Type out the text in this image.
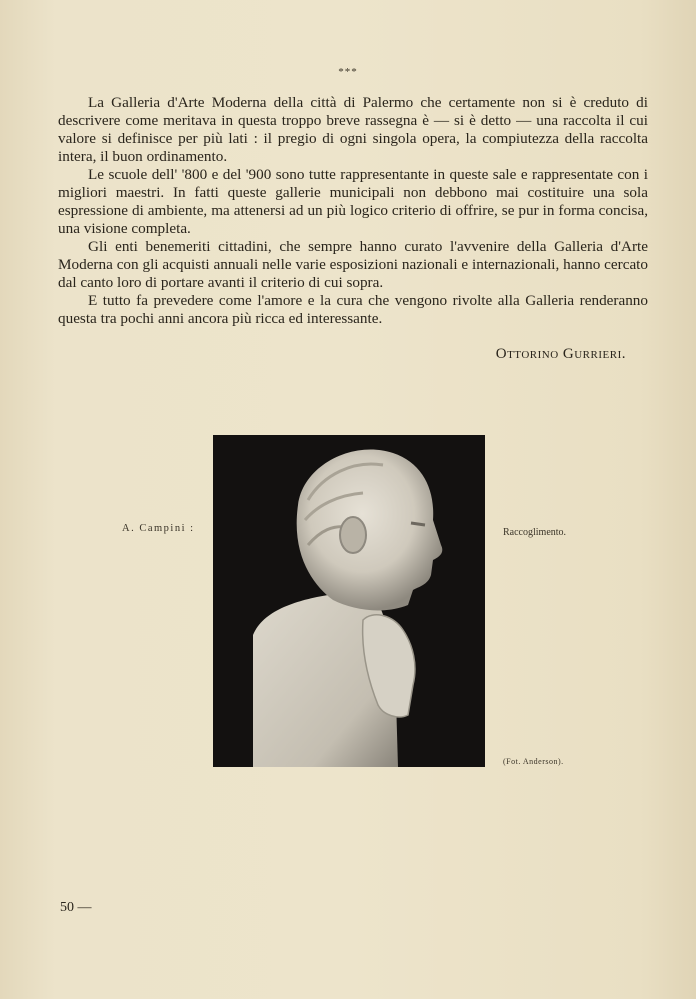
***

La Galleria d'Arte Moderna della città di Palermo che certamente non si è creduto di descrivere come meritava in questa troppo breve rassegna è — si è detto — una raccolta il cui valore si definisce per più lati : il pregio di ogni singola opera, la compiutezza della raccolta intera, il buon ordinamento.

Le scuole dell' '800 e del '900 sono tutte rappresentante in queste sale e rappresentate con i migliori maestri. In fatti queste gallerie municipali non debbono mai costituire una sola espressione di ambiente, ma attenersi ad un più logico criterio di offrire, se pur in forma concisa, una visione completa.

Gli enti benemeriti cittadini, che sempre hanno curato l'avvenire della Galleria d'Arte Moderna con gli acquisti annuali nelle varie esposizioni nazionali e internazionali, hanno cercato dal canto loro di portare avanti il criterio di cui sopra.

E tutto fa prevedere come l'amore e la cura che vengono rivolte alla Galleria renderanno questa tra pochi anni ancora più ricca ed interessante.

Ottorino Gurrieri.
A. Campini :	Raccoglimento.
(Fot. Anderson).
50 —
